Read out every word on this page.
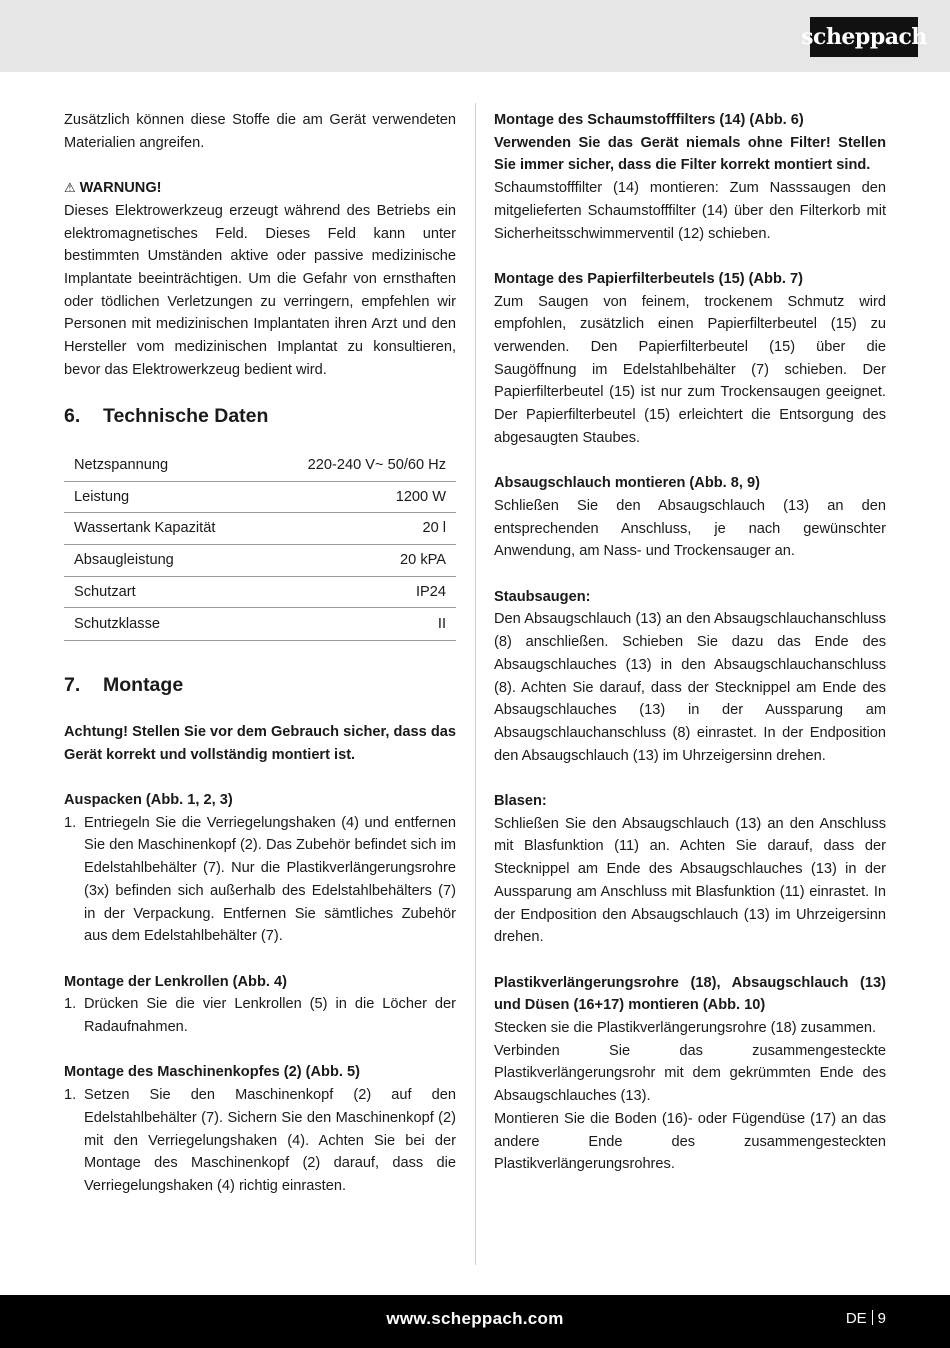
scheppach

Zusätzlich können diese Stoffe die am Gerät verwendeten Materialien angreifen.

⚠ WARNUNG!

Dieses Elektrowerkzeug erzeugt während des Betriebs ein elektromagnetisches Feld. Dieses Feld kann unter bestimmten Umständen aktive oder passive medizinische Implantate beeinträchtigen. Um die Gefahr von ernsthaften oder tödlichen Verletzungen zu verringern, empfehlen wir Personen mit medizinischen Implantaten ihren Arzt und den Hersteller vom medizinischen Implantat zu konsultieren, bevor das Elektrowerkzeug bedient wird.

6. Technische Daten
Netzspannung	220-240 V~ 50/60 Hz
Leistung	1200 W
Wassertank Kapazität	20 l
Absaugleistung	20 kPA
Schutzart	IP24
Schutzklasse	II
7. Montage

Achtung! Stellen Sie vor dem Gebrauch sicher, dass das Gerät korrekt und vollständig montiert ist.

Auspacken (Abb. 1, 2, 3)

1. Entriegeln Sie die Verriegelungshaken (4) und entfernen Sie den Maschinenkopf (2). Das Zubehör befindet sich im Edelstahlbehälter (7). Nur die Plastikverlängerungsrohre (3x) befinden sich außerhalb des Edelstahlbehälters (7) in der Verpackung. Entfernen Sie sämtliches Zubehör aus dem Edelstahlbehälter (7).

Montage der Lenkrollen (Abb. 4)

1. Drücken Sie die vier Lenkrollen (5) in die Löcher der Radaufnahmen.

Montage des Maschinenkopfes (2) (Abb. 5)

1. Setzen Sie den Maschinenkopf (2) auf den Edelstahlbehälter (7). Sichern Sie den Maschinenkopf (2) mit den Verriegelungshaken (4). Achten Sie bei der Montage des Maschinenkopf (2) darauf, dass die Verriegelungshaken (4) richtig einrasten.

Montage des Schaumstofffilters (14) (Abb. 6)

Verwenden Sie das Gerät niemals ohne Filter! Stellen Sie immer sicher, dass die Filter korrekt montiert sind.

Schaumstofffilter (14) montieren: Zum Nasssaugen den mitgelieferten Schaumstofffilter (14) über den Filterkorb mit Sicherheitsschwimmerventil (12) schieben.

Montage des Papierfilterbeutels (15) (Abb. 7)

Zum Saugen von feinem, trockenem Schmutz wird empfohlen, zusätzlich einen Papierfilterbeutel (15) zu verwenden. Den Papierfilterbeutel (15) über die Saugöffnung im Edelstahlbehälter (7) schieben. Der Papierfilterbeutel (15) ist nur zum Trockensaugen geeignet. Der Papierfilterbeutel (15) erleichtert die Entsorgung des abgesaugten Staubes.

Absaugschlauch montieren (Abb. 8, 9)

Schließen Sie den Absaugschlauch (13) an den entsprechenden Anschluss, je nach gewünschter Anwendung, am Nass- und Trockensauger an.

Staubsaugen:

Den Absaugschlauch (13) an den Absaugschlauchanschluss (8) anschließen. Schieben Sie dazu das Ende des Absaugschlauches (13) in den Absaugschlauchanschluss (8). Achten Sie darauf, dass der Stecknippel am Ende des Absaugschlauches (13) in der Aussparung am Absaugschlauchanschluss (8) einrastet. In der Endposition den Absaugschlauch (13) im Uhrzeigersinn drehen.

Blasen:

Schließen Sie den Absaugschlauch (13) an den Anschluss mit Blasfunktion (11) an. Achten Sie darauf, dass der Stecknippel am Ende des Absaugschlauches (13) in der Aussparung am Anschluss mit Blasfunktion (11) einrastet. In der Endposition den Absaugschlauch (13) im Uhrzeigersinn drehen.

Plastikverlängerungsrohre (18), Absaugschlauch (13) und Düsen (16+17) montieren (Abb. 10)

Stecken sie die Plastikverlängerungsrohre (18) zusammen.

Verbinden Sie das zusammengesteckte Plastikverlängerungsrohr mit dem gekrümmten Ende des Absaugschlauches (13).

Montieren Sie die Boden (16)- oder Fügendüse (17) an das andere Ende des zusammengesteckten Plastikverlängerungsrohres.

www.scheppach.com	DE 9
